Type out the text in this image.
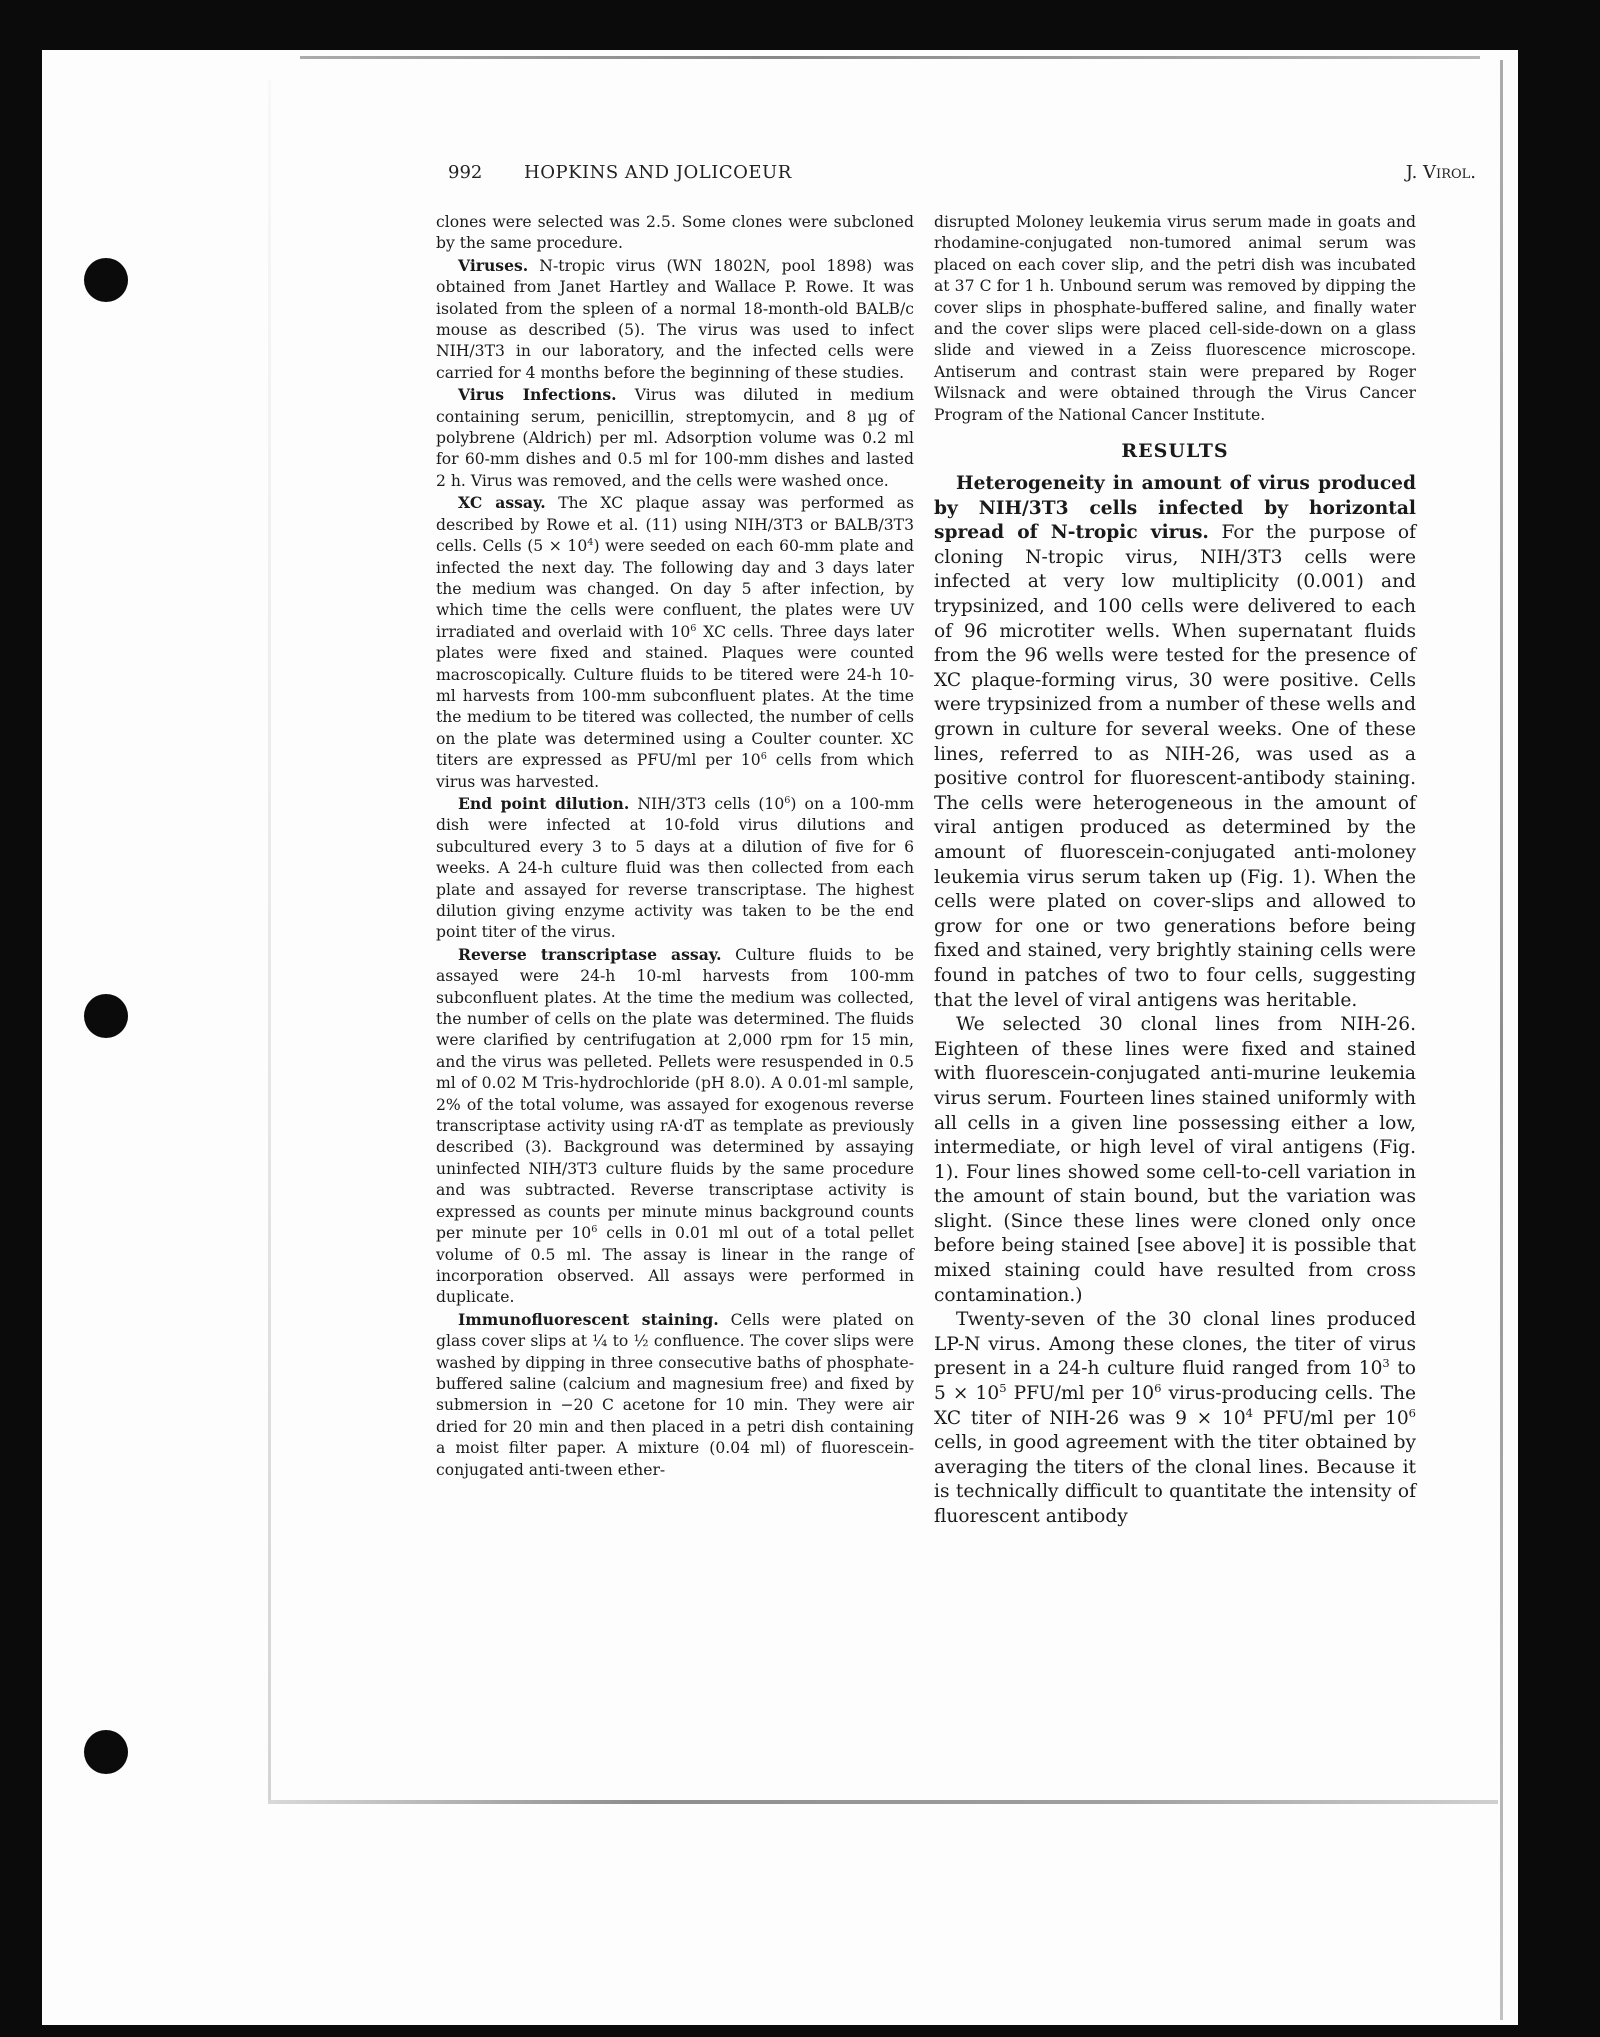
992 HOPKINS AND JOLICOEUR	J. Virol.

clones were selected was 2.5. Some clones were subcloned by the same procedure.

Viruses. N-tropic virus (WN 1802N, pool 1898) was obtained from Janet Hartley and Wallace P. Rowe. It was isolated from the spleen of a normal 18-month-old BALB/c mouse as described (5). The virus was used to infect NIH/3T3 in our laboratory, and the infected cells were carried for 4 months before the beginning of these studies.

Virus Infections. Virus was diluted in medium containing serum, penicillin, streptomycin, and 8 µg of polybrene (Aldrich) per ml. Adsorption volume was 0.2 ml for 60-mm dishes and 0.5 ml for 100-mm dishes and lasted 2 h. Virus was removed, and the cells were washed once.

XC assay. The XC plaque assay was performed as described by Rowe et al. (11) using NIH/3T3 or BALB/3T3 cells. Cells $(5 \times 10^4)$ were seeded on each 60-mm plate and infected the next day. The following day and 3 days later the medium was changed. On day 5 after infection, by which time the cells were confluent, the plates were UV irradiated and overlaid with $10^6$ XC cells. Three days later plates were fixed and stained. Plaques were counted macroscopically. Culture fluids to be titered were 24-h 10-ml harvests from 100-mm subconfluent plates. At the time the medium to be titered was collected, the number of cells on the plate was determined using a Coulter counter. XC titers are expressed as PFU/ml per $10^6$ cells from which virus was harvested.

End point dilution. NIH/3T3 cells $(10^6)$ on a 100-mm dish were infected at 10-fold virus dilutions and subcultured every 3 to 5 days at a dilution of five for 6 weeks. A 24-h culture fluid was then collected from each plate and assayed for reverse transcriptase. The highest dilution giving enzyme activity was taken to be the end point titer of the virus.

Reverse transcriptase assay. Culture fluids to be assayed were 24-h 10-ml harvests from 100-mm subconfluent plates. At the time the medium was collected, the number of cells on the plate was determined. The fluids were clarified by centrifugation at 2,000 rpm for 15 min, and the virus was pelleted. Pellets were resuspended in 0.5 ml of 0.02 M Tris-hydrochloride (pH 8.0). A 0.01-ml sample, 2% of the total volume, was assayed for exogenous reverse transcriptase activity using rA·dT as template as previously described (3). Background was determined by assaying uninfected NIH/3T3 culture fluids by the same procedure and was subtracted. Reverse transcriptase activity is expressed as counts per minute minus background counts per minute per $10^6$ cells in 0.01 ml out of a total pellet volume of 0.5 ml. The assay is linear in the range of incorporation observed. All assays were performed in duplicate.

Immunofluorescent staining. Cells were plated on glass cover slips at ¼ to ½ confluence. The cover slips were washed by dipping in three consecutive baths of phosphate-buffered saline (calcium and magnesium free) and fixed by submersion in −20 C acetone for 10 min. They were air dried for 20 min and then placed in a petri dish containing a moist filter paper. A mixture (0.04 ml) of fluorescein-conjugated anti-tween ether-

disrupted Moloney leukemia virus serum made in goats and rhodamine-conjugated non-tumored animal serum was placed on each cover slip, and the petri dish was incubated at 37 C for 1 h. Unbound serum was removed by dipping the cover slips in phosphate-buffered saline, and finally water and the cover slips were placed cell-side-down on a glass slide and viewed in a Zeiss fluorescence microscope. Antiserum and contrast stain were prepared by Roger Wilsnack and were obtained through the Virus Cancer Program of the National Cancer Institute.

RESULTS

Heterogeneity in amount of virus produced by NIH/3T3 cells infected by horizontal spread of N-tropic virus. For the purpose of cloning N-tropic virus, NIH/3T3 cells were infected at very low multiplicity (0.001) and trypsinized, and 100 cells were delivered to each of 96 microtiter wells. When supernatant fluids from the 96 wells were tested for the presence of XC plaque-forming virus, 30 were positive. Cells were trypsinized from a number of these wells and grown in culture for several weeks. One of these lines, referred to as NIH-26, was used as a positive control for fluorescent-antibody staining. The cells were heterogeneous in the amount of viral antigen produced as determined by the amount of fluorescein-conjugated anti-moloney leukemia virus serum taken up (Fig. 1). When the cells were plated on cover-slips and allowed to grow for one or two generations before being fixed and stained, very brightly staining cells were found in patches of two to four cells, suggesting that the level of viral antigens was heritable.

We selected 30 clonal lines from NIH-26. Eighteen of these lines were fixed and stained with fluorescein-conjugated anti-murine leukemia virus serum. Fourteen lines stained uniformly with all cells in a given line possessing either a low, intermediate, or high level of viral antigens (Fig. 1). Four lines showed some cell-to-cell variation in the amount of stain bound, but the variation was slight. (Since these lines were cloned only once before being stained [see above] it is possible that mixed staining could have resulted from cross contamination.)

Twenty-seven of the 30 clonal lines produced LP-N virus. Among these clones, the titer of virus present in a 24-h culture fluid ranged from $10^3$ to $5 \times 10^5$ PFU/ml per $10^6$ virus-producing cells. The XC titer of NIH-26 was $9 \times 10^4$ PFU/ml per $10^6$ cells, in good agreement with the titer obtained by averaging the titers of the clonal lines. Because it is technically difficult to quantitate the intensity of fluorescent antibody
